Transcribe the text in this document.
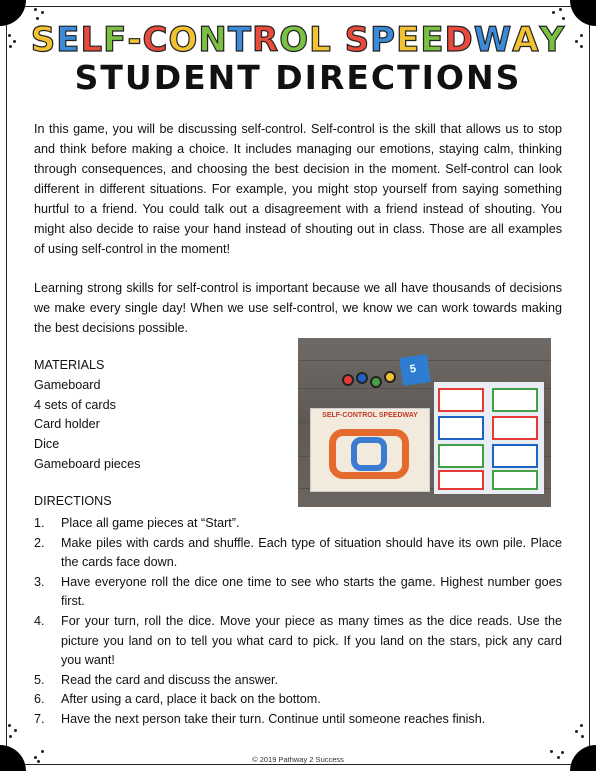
SELF-CONTROL SPEEDWAY
STUDENT DIRECTIONS

In this game, you will be discussing self-control. Self-control is the skill that allows us to stop and think before making a choice. It includes managing our emotions, staying calm, thinking through consequences, and choosing the best decision in the moment. Self-control can look different in different situations. For example, you might stop yourself from saying something hurtful to a friend. You could talk out a disagreement with a friend instead of shouting. You might also decide to raise your hand instead of shouting out in class. Those are all examples of using self-control in the moment!

Learning strong skills for self-control is important because we all have thousands of decisions we make every single day! When we use self-control, we know we can work towards making the best decisions possible.

MATERIALS
Gameboard
4 sets of cards
Card holder
Dice
Gameboard pieces
5
SELF-CONTROL SPEEDWAY
DIRECTIONS
1. Place all game pieces at “Start”.
2. Make piles with cards and shuffle. Each type of situation should have its own pile. Place the cards face down.
3. Have everyone roll the dice one time to see who starts the game. Highest number goes first.
4. For your turn, roll the dice. Move your piece as many times as the dice reads. Use the picture you land on to tell you what card to pick. If you land on the stars, pick any card you want!
5. Read the card and discuss the answer.
6. After using a card, place it back on the bottom.
7. Have the next person take their turn. Continue until someone reaches finish.
© 2019 Pathway 2 Success
